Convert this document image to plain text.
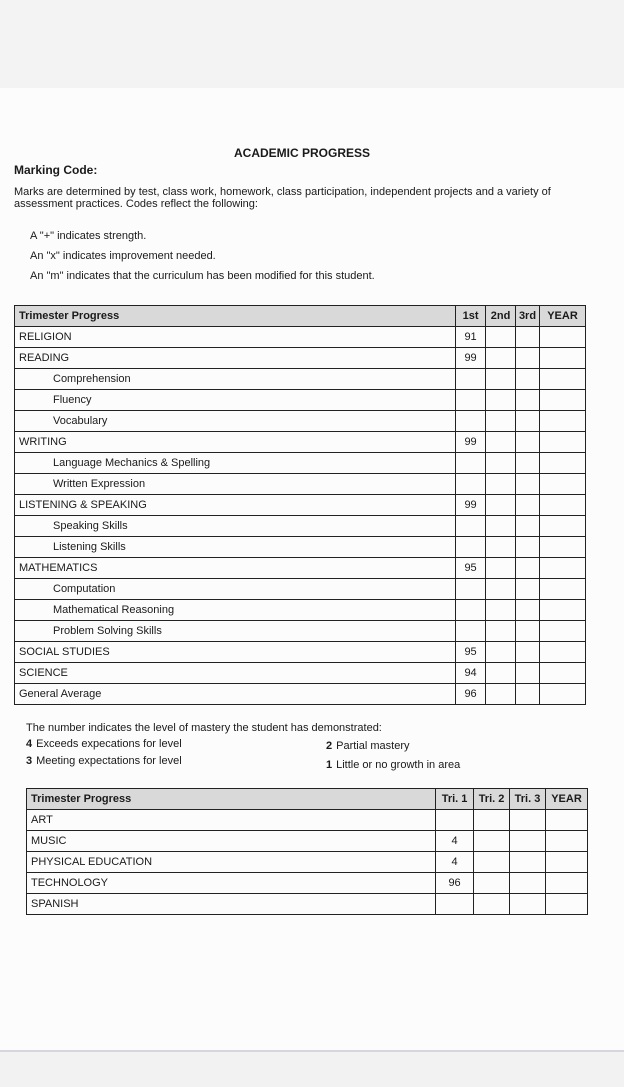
ACADEMIC PROGRESS
Marking Code:
Marks are determined by test, class work, homework, class participation, independent projects and a variety of assessment practices. Codes reflect the following:
A "+" indicates strength.
An "x" indicates improvement needed.
An "m" indicates that the curriculum has been modified for this student.
Trimester Progress	1st	2nd	3rd	YEAR
RELIGION	91			
READING	99			
Comprehension				
Fluency				
Vocabulary				
WRITING	99			
Language Mechanics & Spelling				
Written Expression				
LISTENING & SPEAKING	99			
Speaking Skills				
Listening Skills				
MATHEMATICS	95			
Computation				
Mathematical Reasoning				
Problem Solving Skills				
SOCIAL STUDIES	95			
SCIENCE	94			
General Average	96			
The number indicates the level of mastery the student has demonstrated:
4 Exceeds expecations for level
3 Meeting expectations for level
2 Partial mastery
1 Little or no growth in area
Trimester Progress	Tri. 1	Tri. 2	Tri. 3	YEAR
ART				
MUSIC	4			
PHYSICAL EDUCATION	4			
TECHNOLOGY	96			
SPANISH				
